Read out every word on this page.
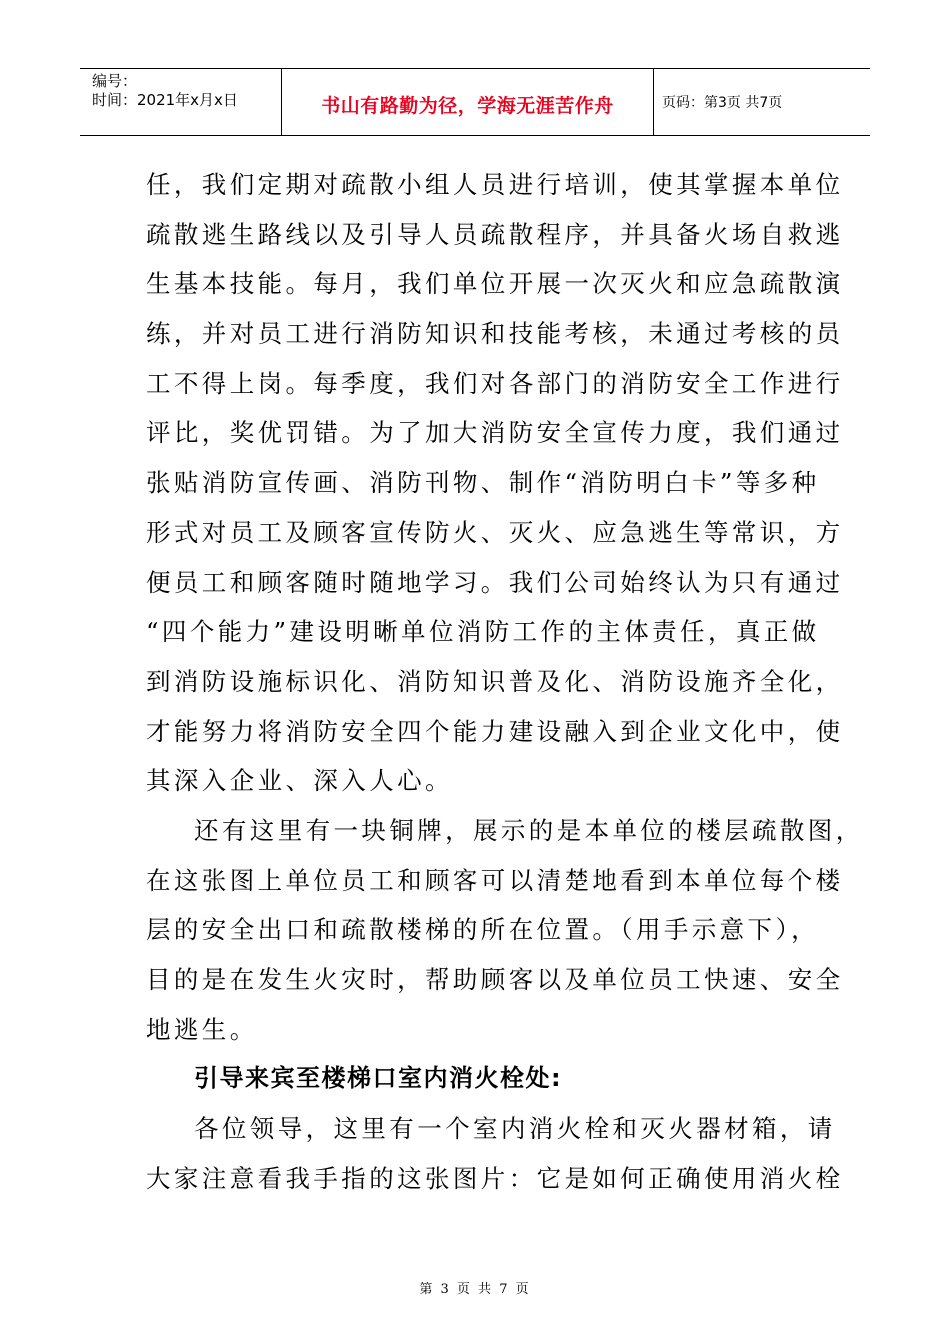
编号：
时间：2021年x月x日	书山有路勤为径，学海无涯苦作舟	页码：第3页 共7页
任，我们定期对疏散小组人员进行培训，使其掌握本单位
疏散逃生路线以及引导人员疏散程序，并具备火场自救逃
生基本技能。每月，我们单位开展一次灭火和应急疏散演
练，并对员工进行消防知识和技能考核，未通过考核的员
工不得上岗。每季度，我们对各部门的消防安全工作进行
评比，奖优罚错。为了加大消防安全宣传力度，我们通过
张贴消防宣传画、消防刊物、制作“消防明白卡”等多种
形式对员工及顾客宣传防火、灭火、应急逃生等常识，方
便员工和顾客随时随地学习。我们公司始终认为只有通过
“四个能力”建设明晰单位消防工作的主体责任，真正做
到消防设施标识化、消防知识普及化、消防设施齐全化，
才能努力将消防安全四个能力建设融入到企业文化中，使
其深入企业、深入人心。
还有这里有一块铜牌，展示的是本单位的楼层疏散图，
在这张图上单位员工和顾客可以清楚地看到本单位每个楼
层的安全出口和疏散楼梯的所在位置。（用手示意下），
目的是在发生火灾时，帮助顾客以及单位员工快速、安全
地逃生。
引导来宾至楼梯口室内消火栓处:
各位领导，这里有一个室内消火栓和灭火器材箱，请
大家注意看我手指的这张图片：它是如何正确使用消火栓
第 3 页 共 7 页
